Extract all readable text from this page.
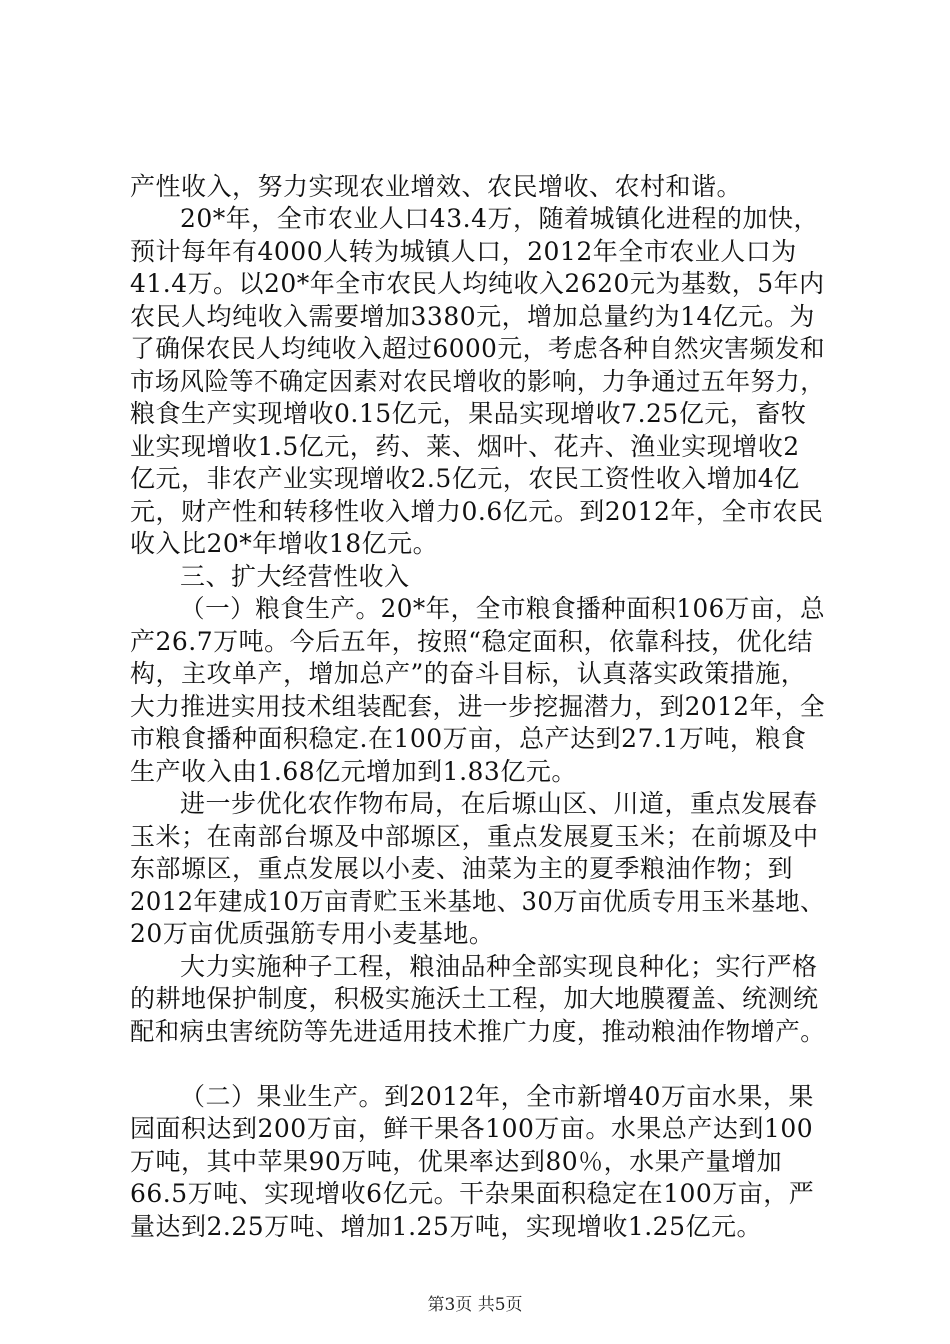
产性收入，努力实现农业增效、农民增收、农村和谐。
20*年，全市农业人口43.4万，随着城镇化进程的加快，
预计每年有4000人转为城镇人口，2012年全市农业人口为
41.4万。以20*年全市农民人均纯收入2620元为基数，5年内
农民人均纯收入需要增加3380元，增加总量约为14亿元。为
了确保农民人均纯收入超过6000元，考虑各种自然灾害频发和
市场风险等不确定因素对农民增收的影响，力争通过五年努力，
粮食生产实现增收0.15亿元，果品实现增收7.25亿元，畜牧
业实现增收1.5亿元，药、莱、烟叶、花卉、渔业实现增收2
亿元，非农产业实现增收2.5亿元，农民工资性收入增加4亿
元，财产性和转移性收入增力0.6亿元。到2012年，全市农民
收入比20*年增收18亿元。
三、扩大经营性收入
（一）粮食生产。20*年，全市粮食播种面积106万亩，总
产26.7万吨。今后五年，按照“稳定面积，依靠科技，优化结
构，主攻单产，增加总产”的奋斗目标，认真落实政策措施，
大力推进实用技术组装配套，进一步挖掘潜力，到2012年，全
市粮食播种面积稳定.在100万亩，总产达到27.1万吨，粮食
生产收入由1.68亿元增加到1.83亿元。
进一步优化农作物布局，在后塬山区、川道，重点发展春
玉米；在南部台塬及中部塬区，重点发展夏玉米；在前塬及中
东部塬区，重点发展以小麦、油菜为主的夏季粮油作物；到
2012年建成10万亩青贮玉米基地、30万亩优质专用玉米基地、
20万亩优质强筋专用小麦基地。
大力实施种子工程，粮油品种全部实现良种化；实行严格
的耕地保护制度，积极实施沃土工程，加大地膜覆盖、统测统
配和病虫害统防等先进适用技术推广力度，推动粮油作物增产。
（二）果业生产。到2012年，全市新增40万亩水果，果
园面积达到200万亩，鲜干果各100万亩。水果总产达到100
万吨，其中苹果90万吨，优果率达到80％，水果产量增加
66.5万吨、实现增收6亿元。干杂果面积稳定在100万亩，严
量达到2.25万吨、增加1.25万吨，实现增收1.25亿元。
第3页 共5页
